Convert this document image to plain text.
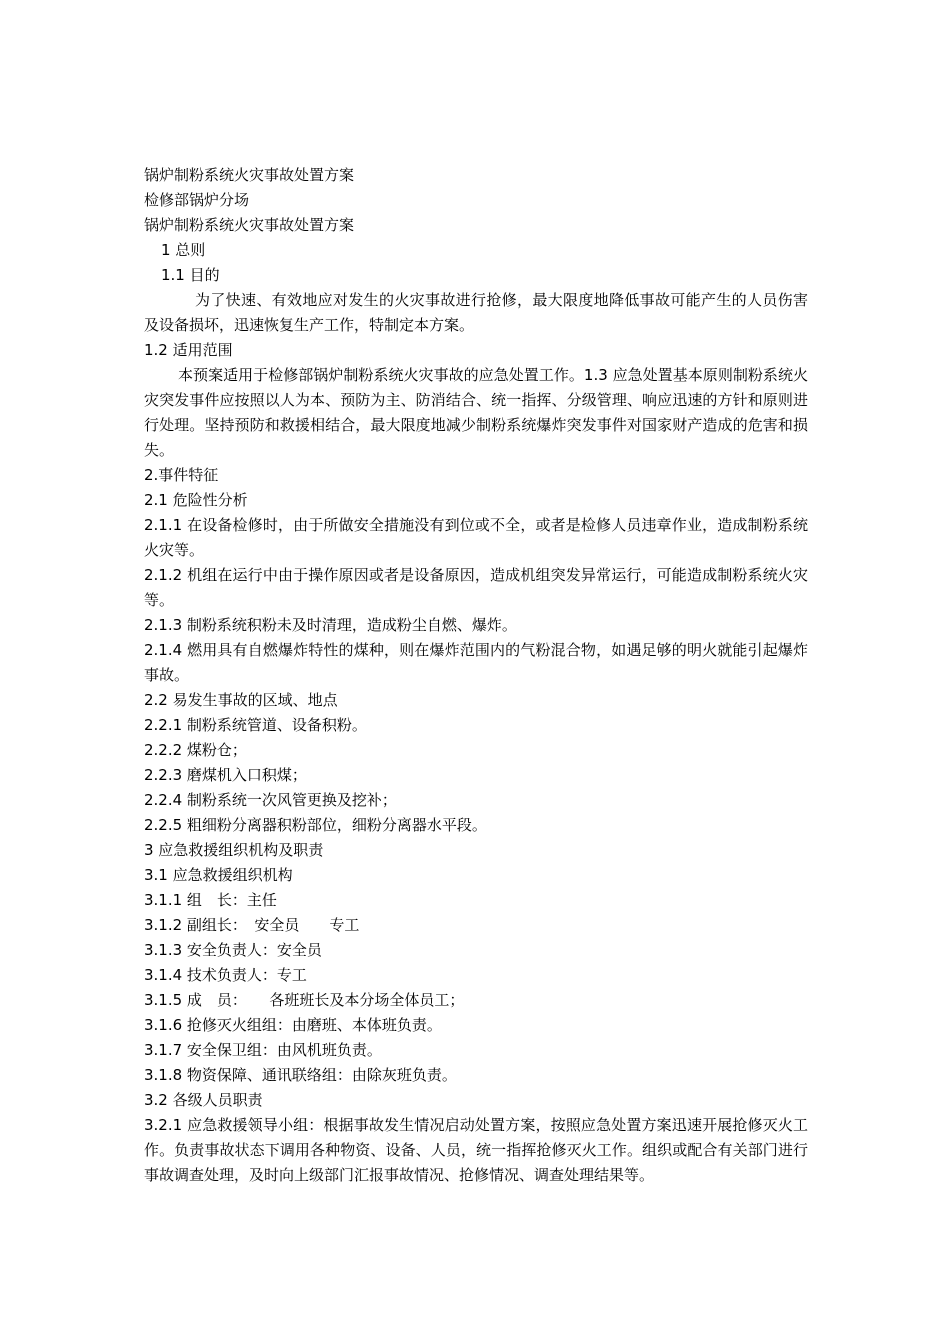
锅炉制粉系统火灾事故处置方案

检修部锅炉分场

锅炉制粉系统火灾事故处置方案

1 总则

1.1 目的

为了快速、有效地应对发生的火灾事故进行抢修，最大限度地降低事故可能产生的人员伤害及设备损坏，迅速恢复生产工作，特制定本方案。

1.2 适用范围

本预案适用于检修部锅炉制粉系统火灾事故的应急处置工作。1.3 应急处置基本原则制粉系统火灾突发事件应按照以人为本、预防为主、防消结合、统一指挥、分级管理、响应迅速的方针和原则进行处理。坚持预防和救援相结合，最大限度地减少制粉系统爆炸突发事件对国家财产造成的危害和损失。

2.事件特征

2.1 危险性分析

2.1.1 在设备检修时，由于所做安全措施没有到位或不全，或者是检修人员违章作业，造成制粉系统火灾等。

2.1.2 机组在运行中由于操作原因或者是设备原因，造成机组突发异常运行，可能造成制粉系统火灾等。

2.1.3 制粉系统积粉未及时清理，造成粉尘自燃、爆炸。

2.1.4 燃用具有自燃爆炸特性的煤种，则在爆炸范围内的气粉混合物，如遇足够的明火就能引起爆炸事故。

2.2 易发生事故的区域、地点

2.2.1 制粉系统管道、设备积粉。

2.2.2 煤粉仓；

2.2.3 磨煤机入口积煤；

2.2.4 制粉系统一次风管更换及挖补；

2.2.5 粗细粉分离器积粉部位，细粉分离器水平段。

3 应急救援组织机构及职责

3.1 应急救援组织机构

3.1.1 组　长：主任

3.1.2 副组长：　安全员　　专工

3.1.3 安全负责人：安全员

3.1.4 技术负责人：专工

3.1.5 成　员：　　各班班长及本分场全体员工；

3.1.6 抢修灭火组组：由磨班、本体班负责。

3.1.7 安全保卫组：由风机班负责。

3.1.8 物资保障、通讯联络组：由除灰班负责。

3.2 各级人员职责

3.2.1 应急救援领导小组：根据事故发生情况启动处置方案，按照应急处置方案迅速开展抢修灭火工作。负责事故状态下调用各种物资、设备、人员，统一指挥抢修灭火工作。组织或配合有关部门进行事故调查处理，及时向上级部门汇报事故情况、抢修情况、调查处理结果等。
